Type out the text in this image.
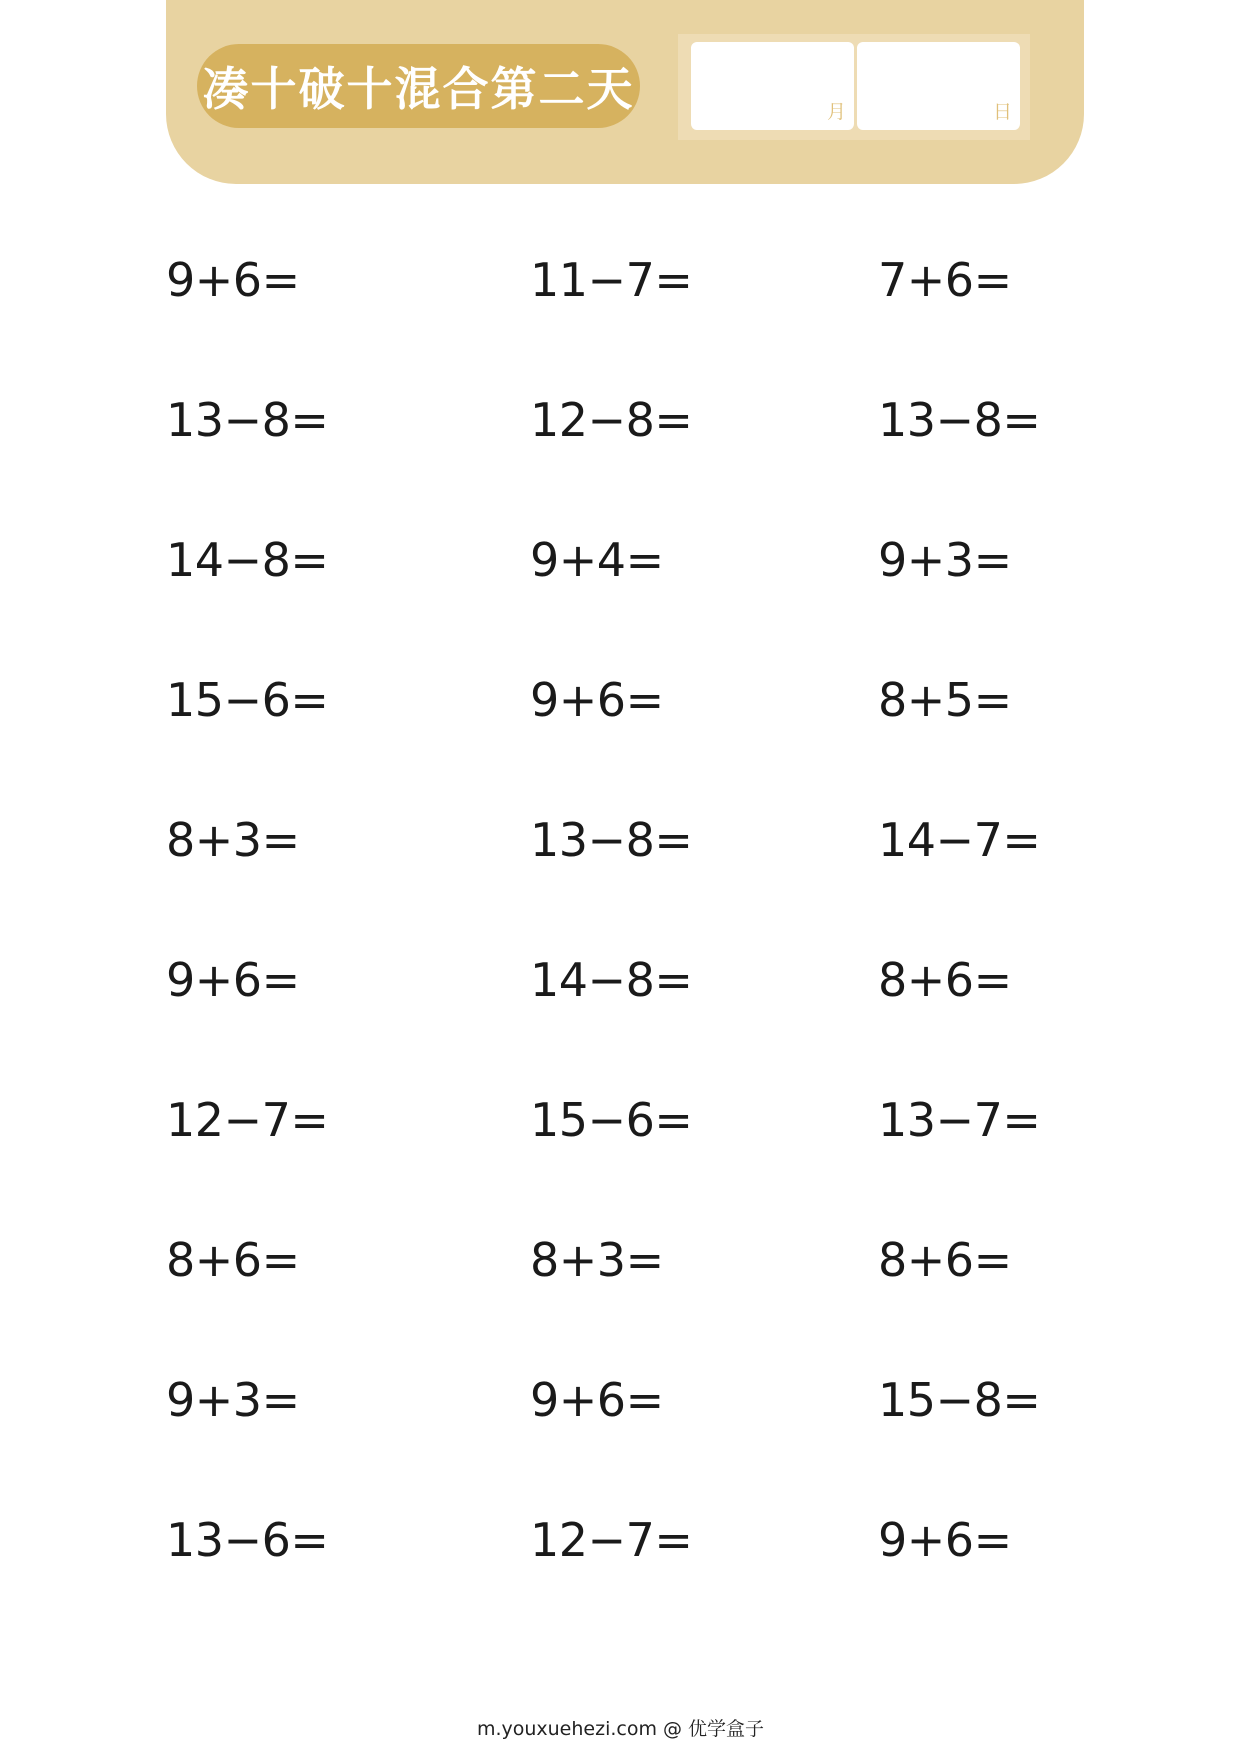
凑十破十混合第二天	月	日
9+6=	11−7=	7+6=
13−8=	12−8=	13−8=
14−8=	9+4=	9+3=
15−6=	9+6=	8+5=
8+3=	13−8=	14−7=
9+6=	14−8=	8+6=
12−7=	15−6=	13−7=
8+6=	8+3=	8+6=
9+3=	9+6=	15−8=
13−6=	12−7=	9+6=
m.youxuehezi.com @ 优学盒子
